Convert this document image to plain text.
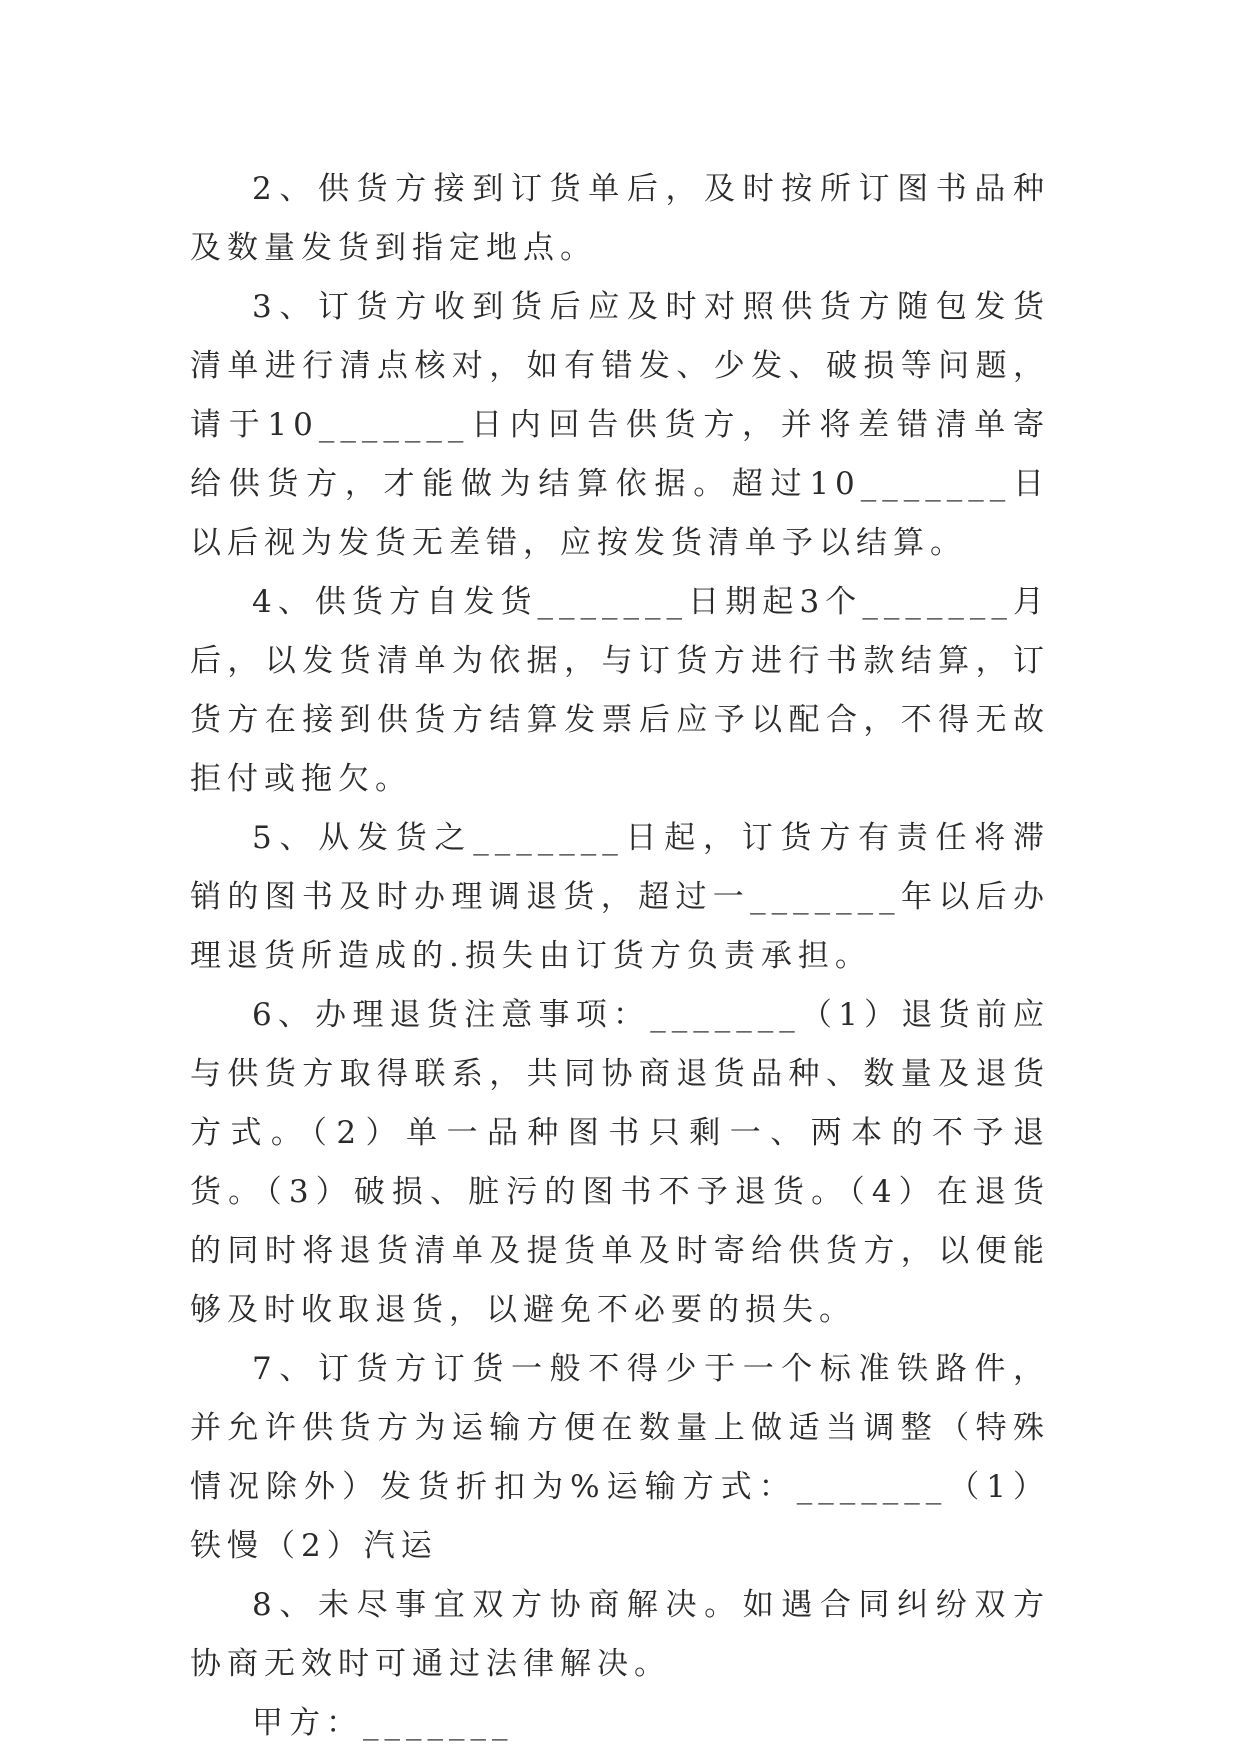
2、供货方接到订货单后，及时按所订图书品种及数量发货到指定地点。

3、订货方收到货后应及时对照供货方随包发货清单进行清点核对，如有错发、少发、破损等问题，请于10_______日内回告供货方，并将差错清单寄给供货方，才能做为结算依据。超过10_______日以后视为发货无差错，应按发货清单予以结算。

4、供货方自发货_______日期起3个_______月后，以发货清单为依据，与订货方进行书款结算，订货方在接到供货方结算发票后应予以配合，不得无故拒付或拖欠。

5、从发货之_______日起，订货方有责任将滞销的图书及时办理调退货，超过一_______年以后办理退货所造成的.损失由订货方负责承担。

6、办理退货注意事项：_______（1）退货前应与供货方取得联系，共同协商退货品种、数量及退货方式。（2）单一品种图书只剩一、两本的不予退货。（3）破损、脏污的图书不予退货。（4）在退货的同时将退货清单及提货单及时寄给供货方，以便能够及时收取退货，以避免不必要的损失。

7、订货方订货一般不得少于一个标准铁路件，并允许供货方为运输方便在数量上做适当调整（特殊情况除外）发货折扣为%运输方式：_______（1）铁慢（2）汽运

8、未尽事宜双方协商解决。如遇合同纠纷双方协商无效时可通过法律解决。

甲方：_______
